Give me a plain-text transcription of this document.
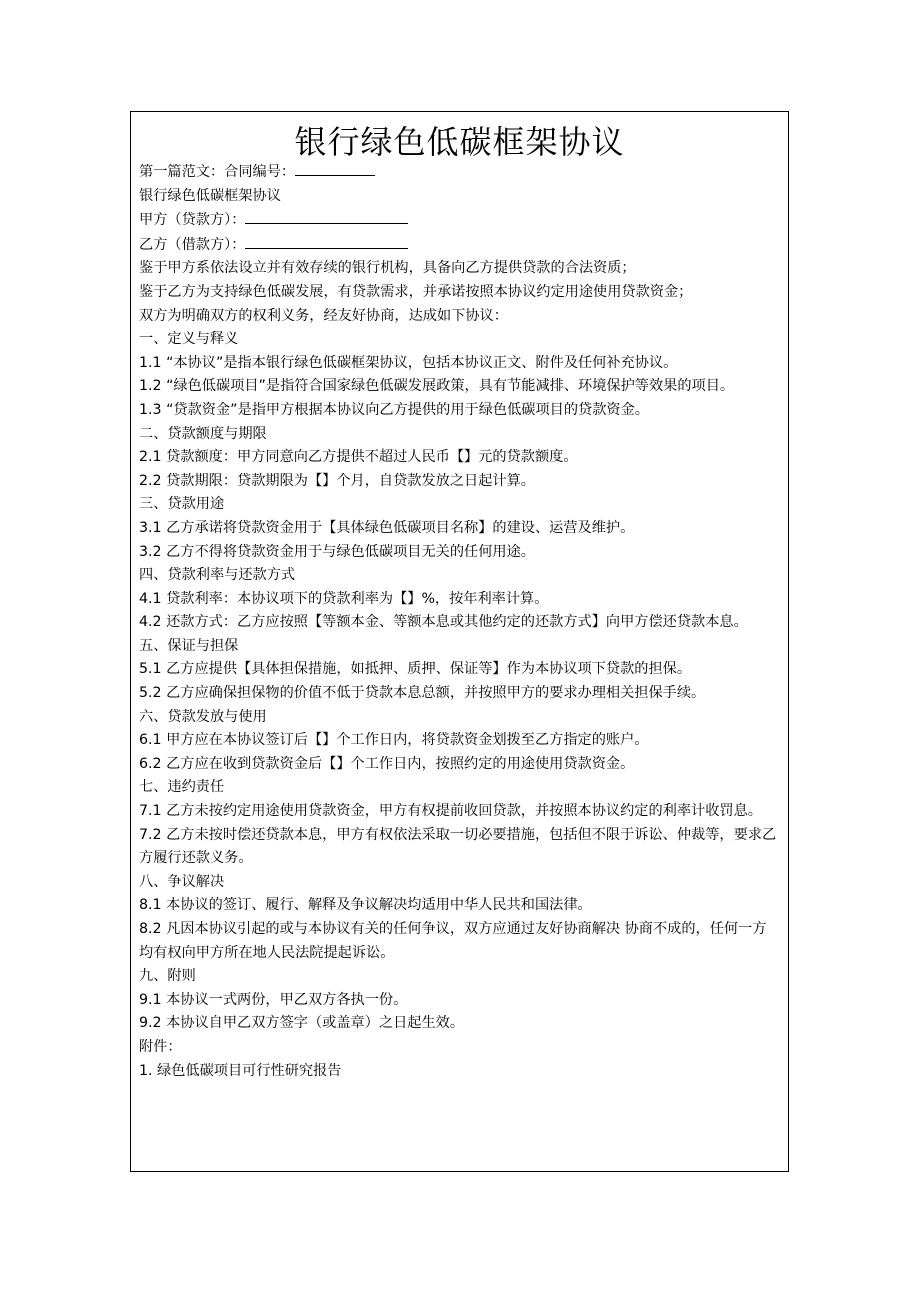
银行绿色低碳框架协议
第一篇范文：合同编号：
银行绿色低碳框架协议
甲方（贷款方）：
乙方（借款方）：
鉴于甲方系依法设立并有效存续的银行机构，具备向乙方提供贷款的合法资质；
鉴于乙方为支持绿色低碳发展，有贷款需求，并承诺按照本协议约定用途使用贷款资金；
双方为明确双方的权利义务，经友好协商，达成如下协议：
一、定义与释义
1.1 “本协议”是指本银行绿色低碳框架协议，包括本协议正文、附件及任何补充协议。
1.2 “绿色低碳项目”是指符合国家绿色低碳发展政策，具有节能减排、环境保护等效果的项目。
1.3 “贷款资金”是指甲方根据本协议向乙方提供的用于绿色低碳项目的贷款资金。
二、贷款额度与期限
2.1 贷款额度：甲方同意向乙方提供不超过人民币【】元的贷款额度。
2.2 贷款期限：贷款期限为【】个月，自贷款发放之日起计算。
三、贷款用途
3.1 乙方承诺将贷款资金用于【具体绿色低碳项目名称】的建设、运营及维护。
3.2 乙方不得将贷款资金用于与绿色低碳项目无关的任何用途。
四、贷款利率与还款方式
4.1 贷款利率：本协议项下的贷款利率为【】%，按年利率计算。
4.2 还款方式：乙方应按照【等额本金、等额本息或其他约定的还款方式】向甲方偿还贷款本息。
五、保证与担保
5.1 乙方应提供【具体担保措施，如抵押、质押、保证等】作为本协议项下贷款的担保。
5.2 乙方应确保担保物的价值不低于贷款本息总额，并按照甲方的要求办理相关担保手续。
六、贷款发放与使用
6.1 甲方应在本协议签订后【】个工作日内，将贷款资金划拨至乙方指定的账户。
6.2 乙方应在收到贷款资金后【】个工作日内，按照约定的用途使用贷款资金。
七、违约责任
7.1 乙方未按约定用途使用贷款资金，甲方有权提前收回贷款，并按照本协议约定的利率计收罚息。
7.2 乙方未按时偿还贷款本息，甲方有权依法采取一切必要措施，包括但不限于诉讼、仲裁等，要求乙方履行还款义务。
八、争议解决
8.1 本协议的签订、履行、解释及争议解决均适用中华人民共和国法律。
8.2 凡因本协议引起的或与本协议有关的任何争议，双方应通过友好协商解决 协商不成的，任何一方均有权向甲方所在地人民法院提起诉讼。
九、附则
9.1 本协议一式两份，甲乙双方各执一份。
9.2 本协议自甲乙双方签字（或盖章）之日起生效。
附件：
1. 绿色低碳项目可行性研究报告
